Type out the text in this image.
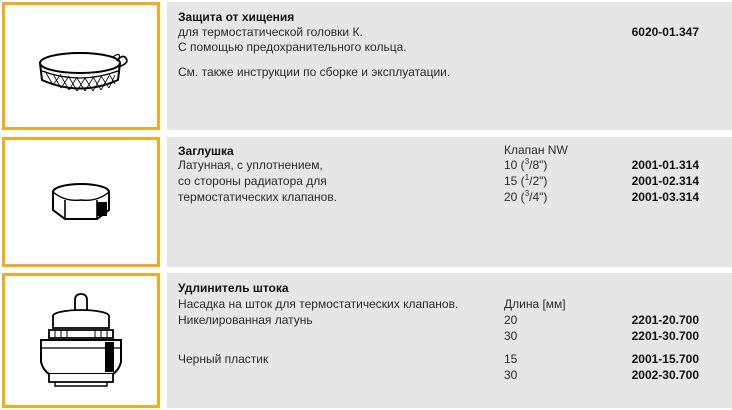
Защита от хищения
для термостатической головки К.
С помощью предохранительного кольца.
См. также инструкции по сборке и эксплуатации.
6020-01.347
Заглушка	Клапан NW
Латунная, с уплотнением,
со стороны радиатора для
термостатических клапанов.
10 ($^3$/8")
15 ($^1$/2")
20 ($^3$/4")
2001-01.314
2001-02.314
2001-03.314
Удлинитель штока
Насадка на шток для термостатических клапанов.
Никелированная латунь
Черный пластик
Длина [мм]
20
30
15
30
2201-20.700
2201-30.700
2001-15.700
2002-30.700
